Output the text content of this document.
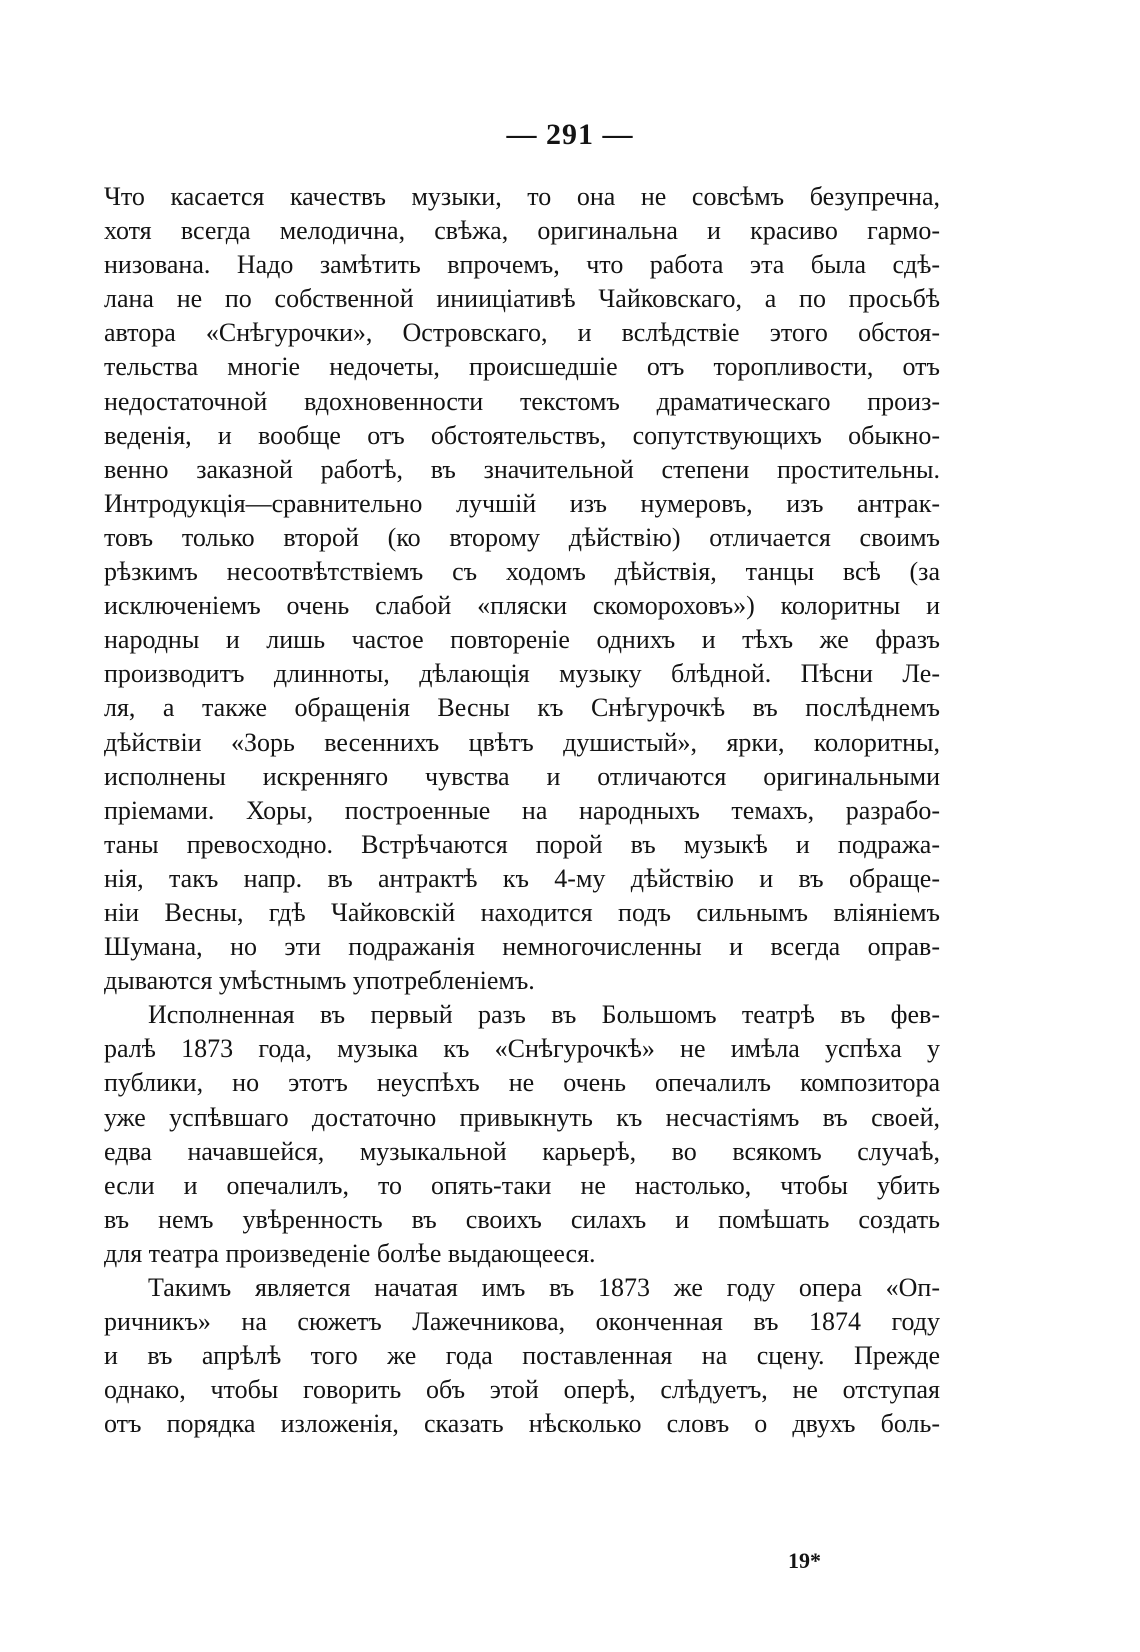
— 291 —
Что касается качествъ музыки, то она не совсѣмъ безупречна,
хотя всегда мелодична, свѣжа, оригинальна и красиво гармо-
низована. Надо замѣтить впрочемъ, что работа эта была сдѣ-
лана не по собственной инииціативѣ Чайковскаго, а по просьбѣ
автора «Снѣгурочки», Островскаго, и вслѣдствіе этого обстоя-
тельства многіе недочеты, происшедшіе отъ торопливости, отъ
недостаточной вдохновенности текстомъ драматическаго произ-
веденія, и вообще отъ обстоятельствъ, сопутствующихъ обыкно-
венно заказной работѣ, въ значительной степени простительны.
Интродукція—сравнительно лучшій изъ нумеровъ, изъ антрак-
товъ только второй (ко второму дѣйствію) отличается своимъ
рѣзкимъ несоотвѣтствіемъ съ ходомъ дѣйствія, танцы всѣ (за
исключеніемъ очень слабой «пляски скомороховъ») колоритны и
народны и лишь частое повтореніе однихъ и тѣхъ же фразъ
производитъ длинноты, дѣлающія музыку блѣдной. Пѣсни Ле-
ля, а также обращенія Весны къ Снѣгурочкѣ въ послѣднемъ
дѣйствіи «Зорь весеннихъ цвѣтъ душистый», ярки, колоритны,
исполнены искренняго чувства и отличаются оригинальными
пріемами. Хоры, построенные на народныхъ темахъ, разрабо-
таны превосходно. Встрѣчаются порой въ музыкѣ и подража-
нія, такъ напр. въ антрактѣ къ 4-му дѣйствію и въ обраще-
ніи Весны, гдѣ Чайковскій находится подъ сильнымъ вліяніемъ
Шумана, но эти подражанія немногочисленны и всегда оправ-
дываются умѣстнымъ употребленіемъ.
Исполненная въ первый разъ въ Большомъ театрѣ въ фев-
ралѣ 1873 года, музыка къ «Снѣгурочкѣ» не имѣла успѣха у
публики, но этотъ неуспѣхъ не очень опечалилъ композитора
уже успѣвшаго достаточно привыкнуть къ несчастіямъ въ своей,
едва начавшейся, музыкальной карьерѣ, во всякомъ случаѣ,
если и опечалилъ, то опять-таки не настолько, чтобы убить
въ немъ увѣренность въ своихъ силахъ и помѣшать создать
для театра произведеніе болѣе выдающееся.
Такимъ является начатая имъ въ 1873 же году опера «Оп-
ричникъ» на сюжетъ Лажечникова, оконченная въ 1874 году
и въ апрѣлѣ того же года поставленная на сцену. Прежде
однако, чтобы говорить объ этой оперѣ, слѣдуетъ, не отступая
отъ порядка изложенія, сказать нѣсколько словъ о двухъ боль-
19*
